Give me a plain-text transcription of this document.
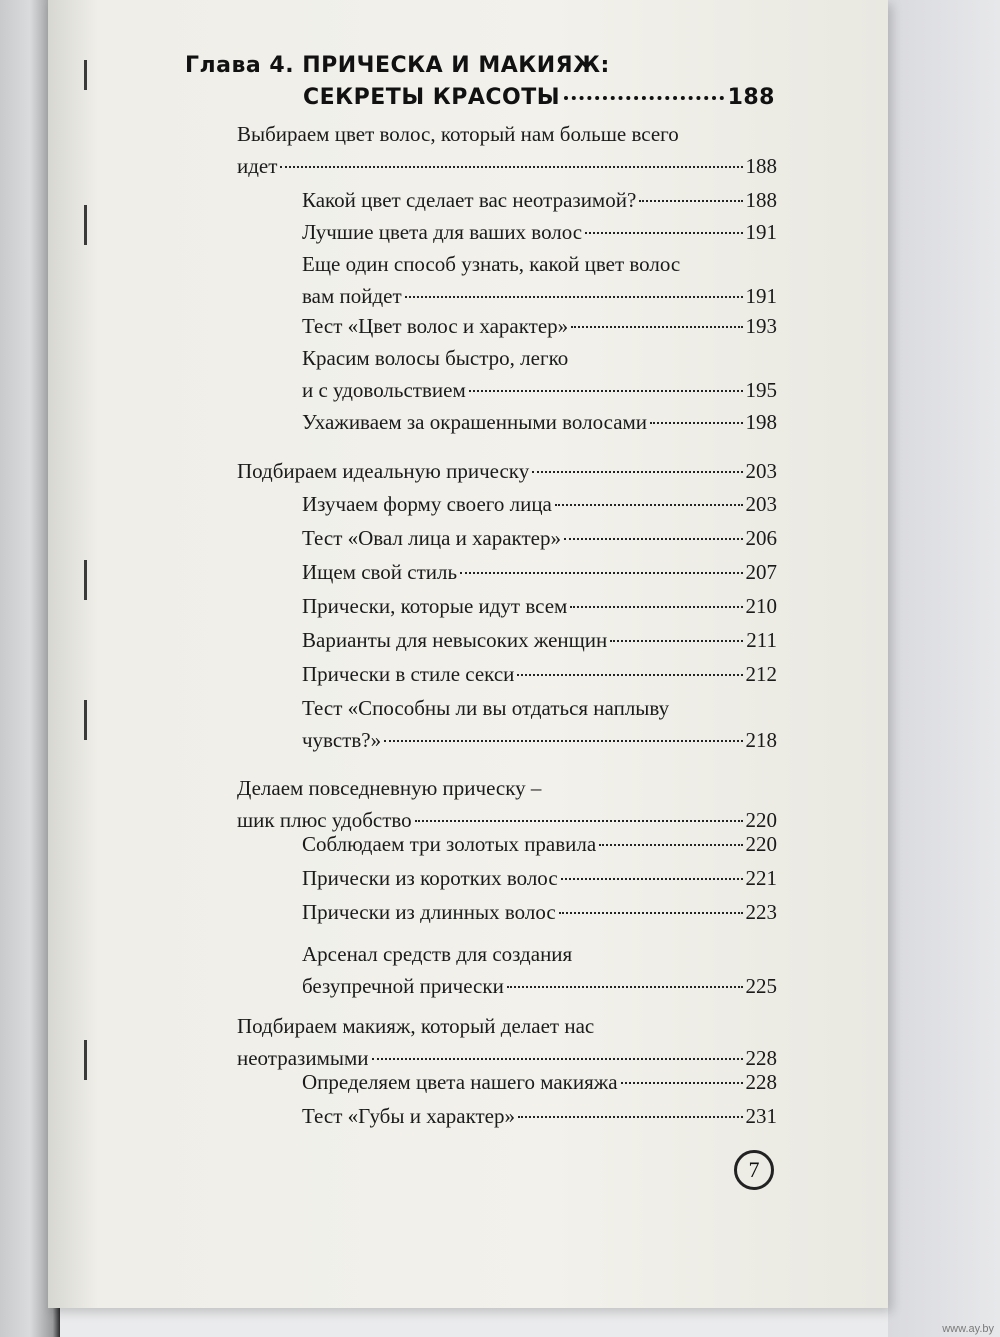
Глава 4. ПРИЧЕСКА И МАКИЯЖ:
СЕКРЕТЫ КРАСОТЫ	188
Выбираем цвет волос, который нам больше всего
идет	188
Какой цвет сделает вас неотразимой?	188
Лучшие цвета для ваших волос	191
Еще один способ узнать, какой цвет волос
вам пойдет	191
Тест «Цвет волос и характер»	193
Красим волосы быстро, легко
и с удовольствием	195
Ухаживаем за окрашенными волосами	198
Подбираем идеальную прическу	203
Изучаем форму своего лица	203
Тест «Овал лица и характер»	206
Ищем свой стиль	207
Прически, которые идут всем	210
Варианты для невысоких женщин	211
Прически в стиле секси	212
Тест «Способны ли вы отдаться наплыву
чувств?»	218
Делаем повседневную прическу –
шик плюс удобство	220
Соблюдаем три золотых правила	220
Прически из коротких волос	221
Прически из длинных волос	223
Арсенал средств для создания
безупречной прически	225
Подбираем макияж, который делает нас
неотразимыми	228
Определяем цвета нашего макияжа	228
Тест «Губы и характер»	231
7
www.ay.by
